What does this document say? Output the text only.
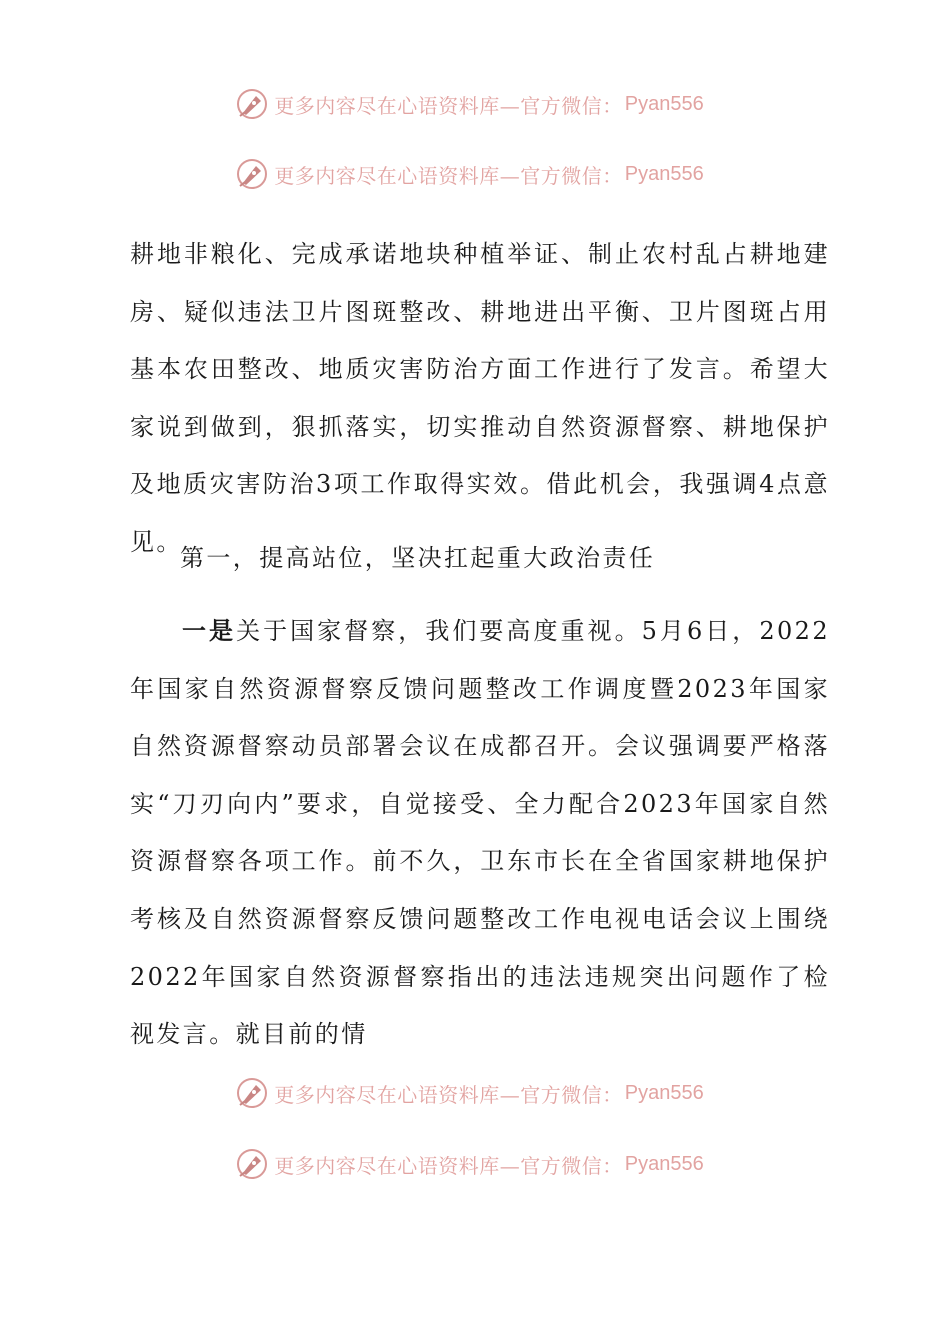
更多内容尽在心语资料库—官方微信： Pyan556
更多内容尽在心语资料库—官方微信： Pyan556

耕地非粮化、完成承诺地块种植举证、制止农村乱占耕地建房、疑似违法卫片图斑整改、耕地进出平衡、卫片图斑占用基本农田整改、地质灾害防治方面工作进行了发言。希望大家说到做到，狠抓落实，切实推动自然资源督察、耕地保护及地质灾害防治3项工作取得实效。借此机会，我强调4点意见。

第一，提高站位，坚决扛起重大政治责任

一是关于国家督察，我们要高度重视。5月6日，2022年国家自然资源督察反馈问题整改工作调度暨2023年国家自然资源督察动员部署会议在成都召开。会议强调要严格落实“刀刃向内”要求，自觉接受、全力配合2023年国家自然资源督察各项工作。前不久，卫东市长在全省国家耕地保护考核及自然资源督察反馈问题整改工作电视电话会议上围绕2022年国家自然资源督察指出的违法违规突出问题作了检视发言。就目前的情

更多内容尽在心语资料库—官方微信： Pyan556
更多内容尽在心语资料库—官方微信： Pyan556
